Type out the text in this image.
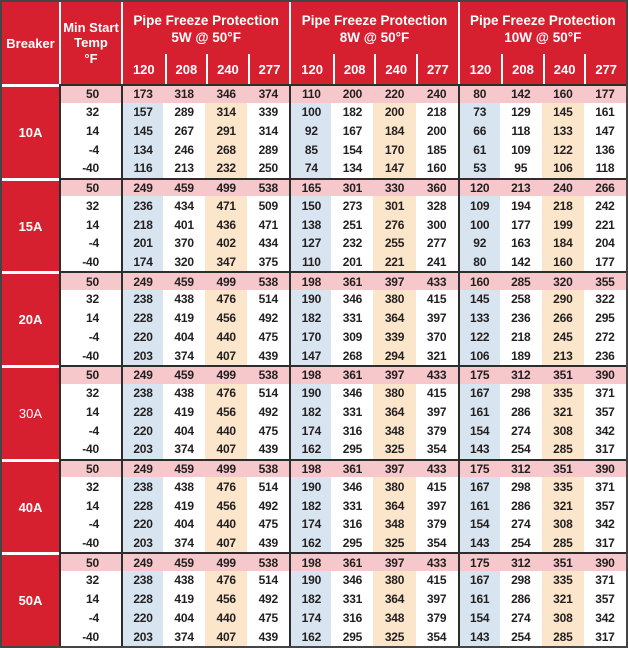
Breaker
Min Start
Temp
°F
Pipe Freeze Protection
5W @ 50°F
120	208	240	277
Pipe Freeze Protection
8W @ 50°F
120	208	240	277
Pipe Freeze Protection
10W @ 50°F
120	208	240	277
10A
50	173	318	346	374	110	200	220	240	80	142	160	177
32	157	289	314	339	100	182	200	218	73	129	145	161
14	145	267	291	314	92	167	184	200	66	118	133	147
-4	134	246	268	289	85	154	170	185	61	109	122	136
-40	116	213	232	250	74	134	147	160	53	95	106	118
15A
50	249	459	499	538	165	301	330	360	120	213	240	266
32	236	434	471	509	150	273	301	328	109	194	218	242
14	218	401	436	471	138	251	276	300	100	177	199	221
-4	201	370	402	434	127	232	255	277	92	163	184	204
-40	174	320	347	375	110	201	221	241	80	142	160	177
20A
50	249	459	499	538	198	361	397	433	160	285	320	355
32	238	438	476	514	190	346	380	415	145	258	290	322
14	228	419	456	492	182	331	364	397	133	236	266	295
-4	220	404	440	475	170	309	339	370	122	218	245	272
-40	203	374	407	439	147	268	294	321	106	189	213	236
30A
50	249	459	499	538	198	361	397	433	175	312	351	390
32	238	438	476	514	190	346	380	415	167	298	335	371
14	228	419	456	492	182	331	364	397	161	286	321	357
-4	220	404	440	475	174	316	348	379	154	274	308	342
-40	203	374	407	439	162	295	325	354	143	254	285	317
40A
50	249	459	499	538	198	361	397	433	175	312	351	390
32	238	438	476	514	190	346	380	415	167	298	335	371
14	228	419	456	492	182	331	364	397	161	286	321	357
-4	220	404	440	475	174	316	348	379	154	274	308	342
-40	203	374	407	439	162	295	325	354	143	254	285	317
50A
50	249	459	499	538	198	361	397	433	175	312	351	390
32	238	438	476	514	190	346	380	415	167	298	335	371
14	228	419	456	492	182	331	364	397	161	286	321	357
-4	220	404	440	475	174	316	348	379	154	274	308	342
-40	203	374	407	439	162	295	325	354	143	254	285	317
